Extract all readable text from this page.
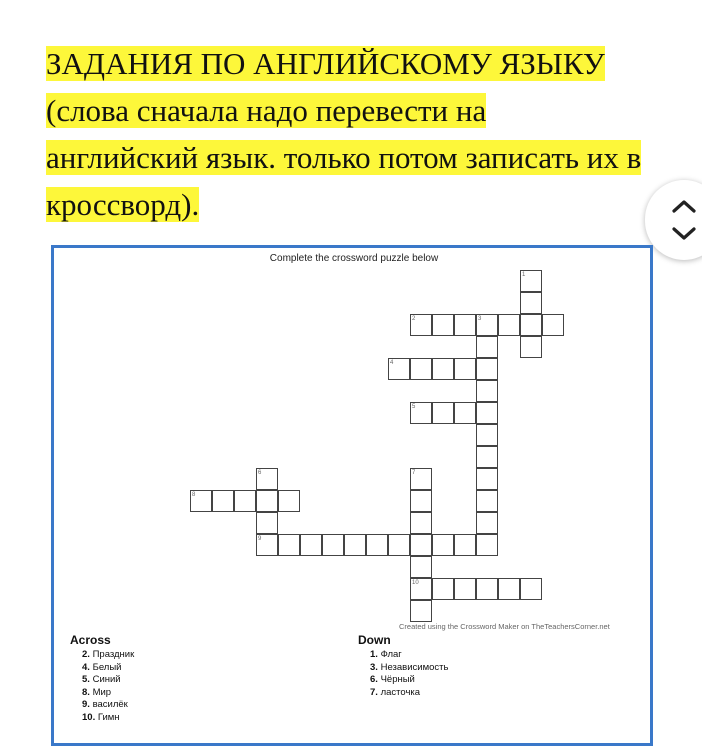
ЗАДАНИЯ ПО АНГЛИЙСКОМУ ЯЗЫКУ (слова сначала надо перевести на английский язык. только потом записать их в кроссворд).
Complete the crossword puzzle below
1
2	3
4
5
6	7
8
9
10
Created using the Crossword Maker on TheTeachersCorner.net
Across
2. Праздник
4. Белый
5. Синий
8. Мир
9. василёк
10. Гимн
Down
1. Флаг
3. Независимость
6. Чёрный
7. ласточка
